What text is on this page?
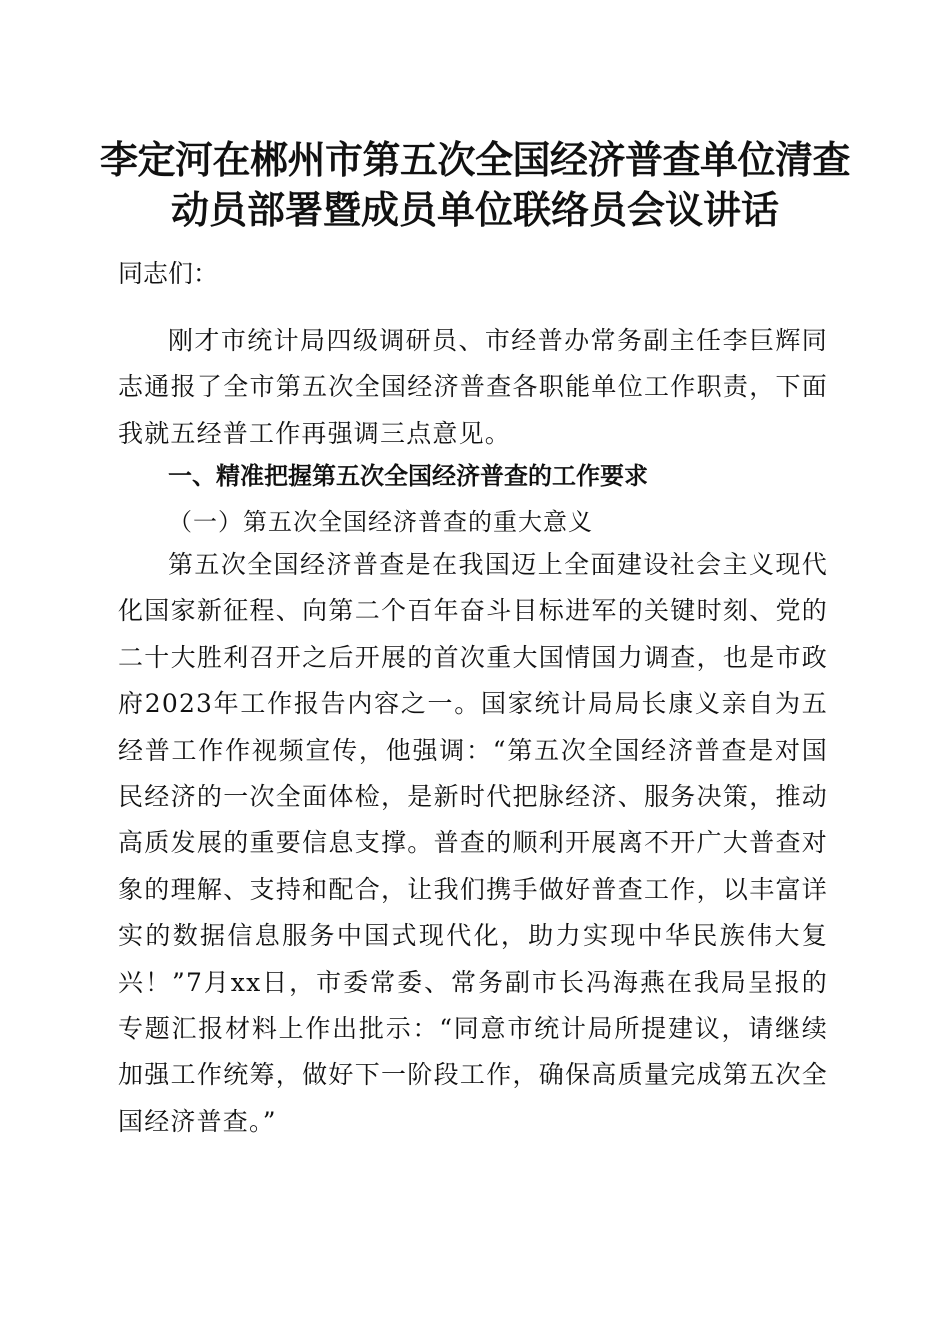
李定河在郴州市第五次全国经济普查单位清查
动员部署暨成员单位联络员会议讲话

同志们：

刚才市统计局四级调研员、市经普办常务副主任李巨辉同志通报了全市第五次全国经济普查各职能单位工作职责，下面我就五经普工作再强调三点意见。

一、精准把握第五次全国经济普查的工作要求

（一）第五次全国经济普查的重大意义

第五次全国经济普查是在我国迈上全面建设社会主义现代化国家新征程、向第二个百年奋斗目标进军的关键时刻、党的二十大胜利召开之后开展的首次重大国情国力调查，也是市政府2023年工作报告内容之一。国家统计局局长康义亲自为五经普工作作视频宣传，他强调：“第五次全国经济普查是对国民经济的一次全面体检，是新时代把脉经济、服务决策，推动高质发展的重要信息支撑。普查的顺利开展离不开广大普查对象的理解、支持和配合，让我们携手做好普查工作，以丰富详实的数据信息服务中国式现代化，助力实现中华民族伟大复兴！”7月xx日，市委常委、常务副市长冯海燕在我局呈报的专题汇报材料上作出批示：“同意市统计局所提建议，请继续加强工作统筹，做好下一阶段工作，确保高质量完成第五次全国经济普查。”
